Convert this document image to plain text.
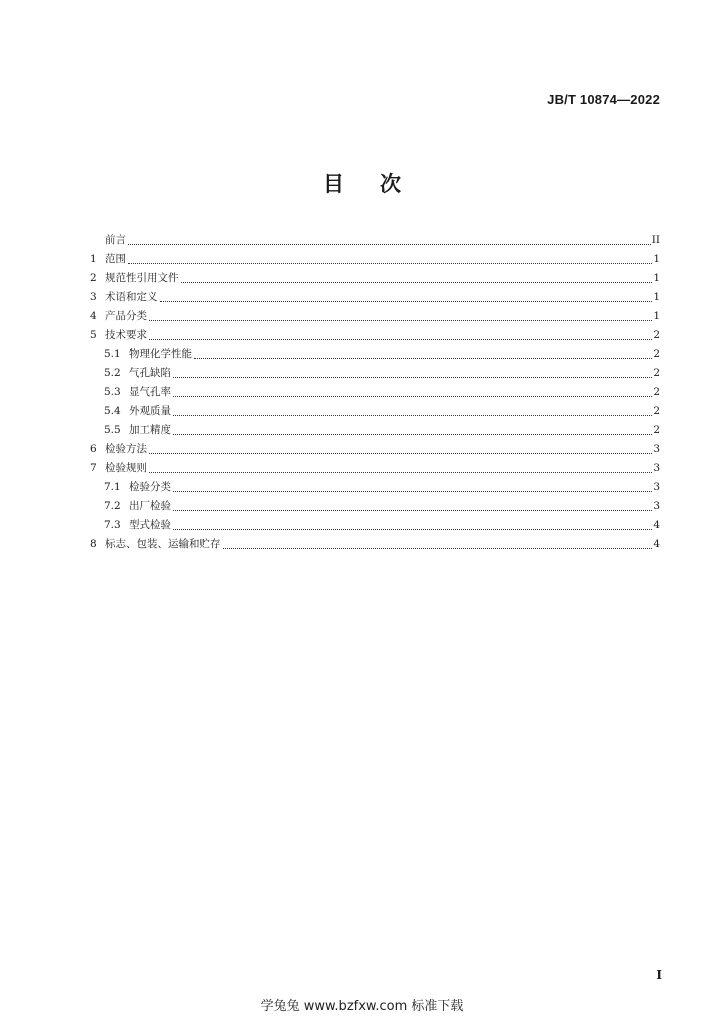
JB/T 10874—2022
目 次
前言	II
1 范围	1
2 规范性引用文件	1
3 术语和定义	1
4 产品分类	1
5 技术要求	2
5.1 物理化学性能	2
5.2 气孔缺陷	2
5.3 显气孔率	2
5.4 外观质量	2
5.5 加工精度	2
6 检验方法	3
7 检验规则	3
7.1 检验分类	3
7.2 出厂检验	3
7.3 型式检验	4
8 标志、包装、运输和贮存	4
I
学兔兔 www.bzfxw.com 标准下载
